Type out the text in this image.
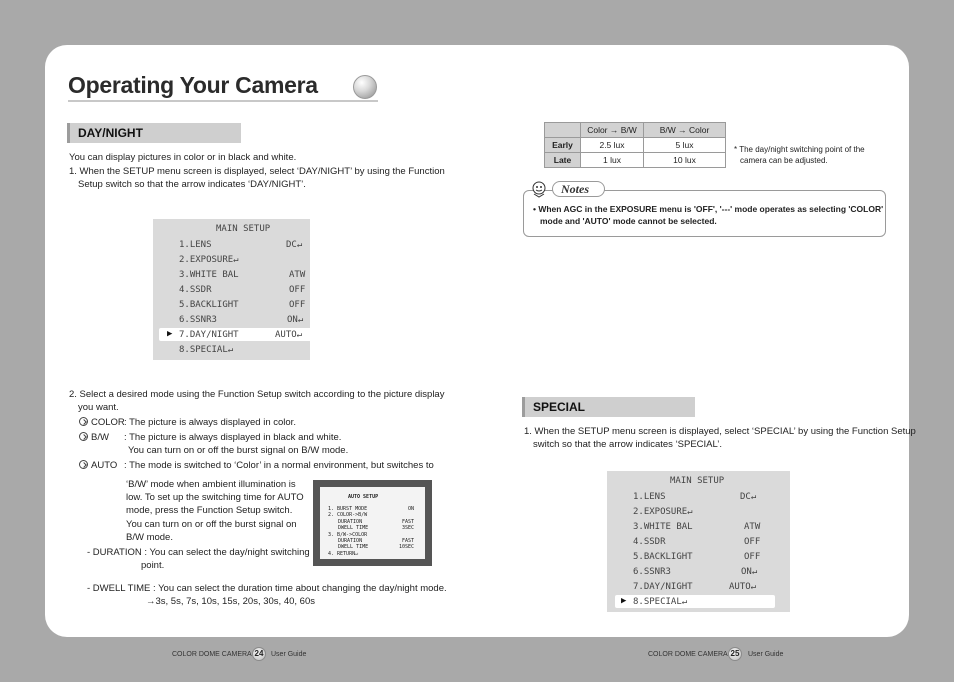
Operating Your Camera
DAY/NIGHT
You can display pictures in color or in black and white.
1. When the SETUP menu screen is displayed, select ‘DAY/NIGHT’ by using the Function
Setup switch so that the arrow indicates ‘DAY/NIGHT’.
MAIN SETUP
1.LENS	DC↵
2.EXPOSURE↵
3.WHITE BAL	ATW
4.SSDR	OFF
5.BACKLIGHT	OFF
6.SSNR3	ON↵
▶ 7.DAY/NIGHT	AUTO↵
8.SPECIAL↵
2. Select a desired mode using the Function Setup switch according to the picture display
you want.
COLOR : The picture is always displayed in color.
B/W : The picture is always displayed in black and white.
You can turn on or off the burst signal on B/W mode.
AUTO : The mode is switched to ‘Color’ in a normal environment, but switches to
‘B/W’ mode when ambient illumination is
low. To set up the switching time for AUTO
mode, press the Function Setup switch.
You can turn on or off the burst signal on
B/W mode.
- DURATION : You can select the day/night switching
point.
- DWELL TIME : You can select the duration time about changing the day/night mode.
→3s, 5s, 7s, 10s, 15s, 20s, 30s, 40, 60s
AUTO SETUP
1. BURST MODE	ON
2. COLOR->B/W
DURATION	FAST
DWELL TIME	3SEC
3. B/W->COLOR
DURATION	FAST
DWELL TIME	10SEC
4. RETURN↵
COLOR DOME CAMERA 24	User Guide
	Color → B/W	B/W → Color
Early	2.5 lux	5 lux
Late	1 lux	10 lux
* The day/night switching point of the
camera can be adjusted.
Notes
• When AGC in the EXPOSURE menu is 'OFF', '---' mode operates as selecting 'COLOR'
mode and 'AUTO' mode cannot be selected.
SPECIAL
1. When the SETUP menu screen is displayed, select ‘SPECIAL’ by using the Function Setup
switch so that the arrow indicates ‘SPECIAL’.
MAIN SETUP
1.LENS	DC↵
2.EXPOSURE↵
3.WHITE BAL	ATW
4.SSDR	OFF
5.BACKLIGHT	OFF
6.SSNR3	ON↵
7.DAY/NIGHT	AUTO↵
▶ 8.SPECIAL↵
COLOR DOME CAMERA 25	User Guide
